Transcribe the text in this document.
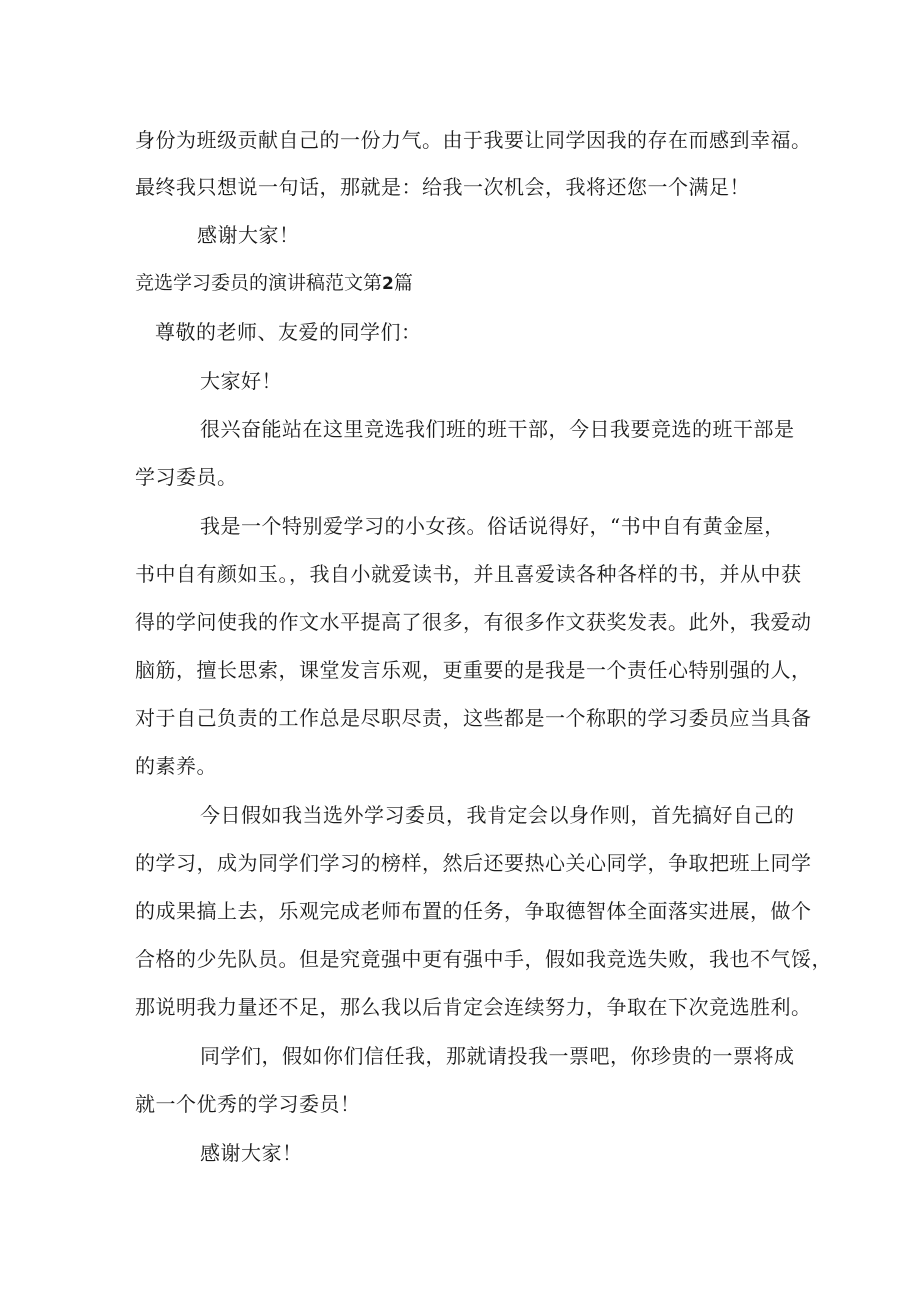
身份为班级贡献自己的一份力气。由于我要让同学因我的存在而感到幸福。
最终我只想说一句话，那就是：给我一次机会，我将还您一个满足！
感谢大家！
竞选学习委员的演讲稿范文第2篇
尊敬的老师、友爱的同学们：
大家好！
很兴奋能站在这里竞选我们班的班干部，今日我要竞选的班干部是
学习委员。
我是一个特别爱学习的小女孩。俗话说得好，“书中自有黄金屋，
书中自有颜如玉。，我自小就爱读书，并且喜爱读各种各样的书，并从中获
得的学问使我的作文水平提高了很多，有很多作文获奖发表。此外，我爱动
脑筋，擅长思索，课堂发言乐观，更重要的是我是一个责任心特别强的人，
对于自己负责的工作总是尽职尽责，这些都是一个称职的学习委员应当具备
的素养。
今日假如我当选外学习委员，我肯定会以身作则，首先搞好自己的
的学习，成为同学们学习的榜样，然后还要热心关心同学，争取把班上同学
的成果搞上去，乐观完成老师布置的任务，争取德智体全面落实进展，做个
合格的少先队员。但是究竟强中更有强中手，假如我竞选失败，我也不气馁，
那说明我力量还不足，那么我以后肯定会连续努力，争取在下次竞选胜利。
同学们，假如你们信任我，那就请投我一票吧，你珍贵的一票将成
就一个优秀的学习委员！
感谢大家！
